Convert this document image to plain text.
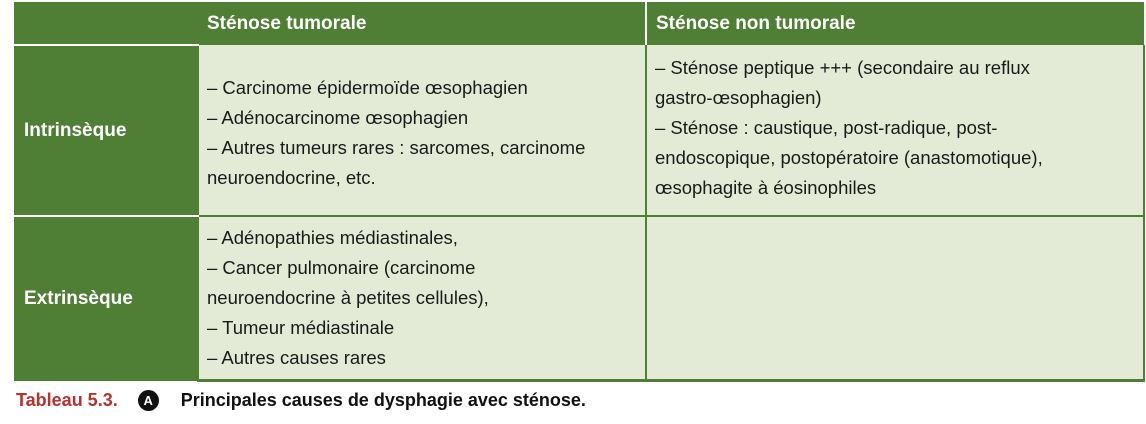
	Sténose tumorale	Sténose non tumorale
Intrinsèque	– Carcinome épidermoïde œsophagien
– Adénocarcinome œsophagien
– Autres tumeurs rares : sarcomes, carcinome
neuroendocrine, etc.	– Sténose peptique +++ (secondaire au reflux
gastro-œsophagien)
– Sténose : caustique, post-radique, post-
endoscopique, postopératoire (anastomotique),
œsophagite à éosinophiles

Extrinsèque	– Adénopathies médiastinales,
– Cancer pulmonaire (carcinome
neuroendocrine à petites cellules),
– Tumeur médiastinale
– Autres causes rares	

Tableau 5.3.	A	Principales causes de dysphagie avec sténose.
